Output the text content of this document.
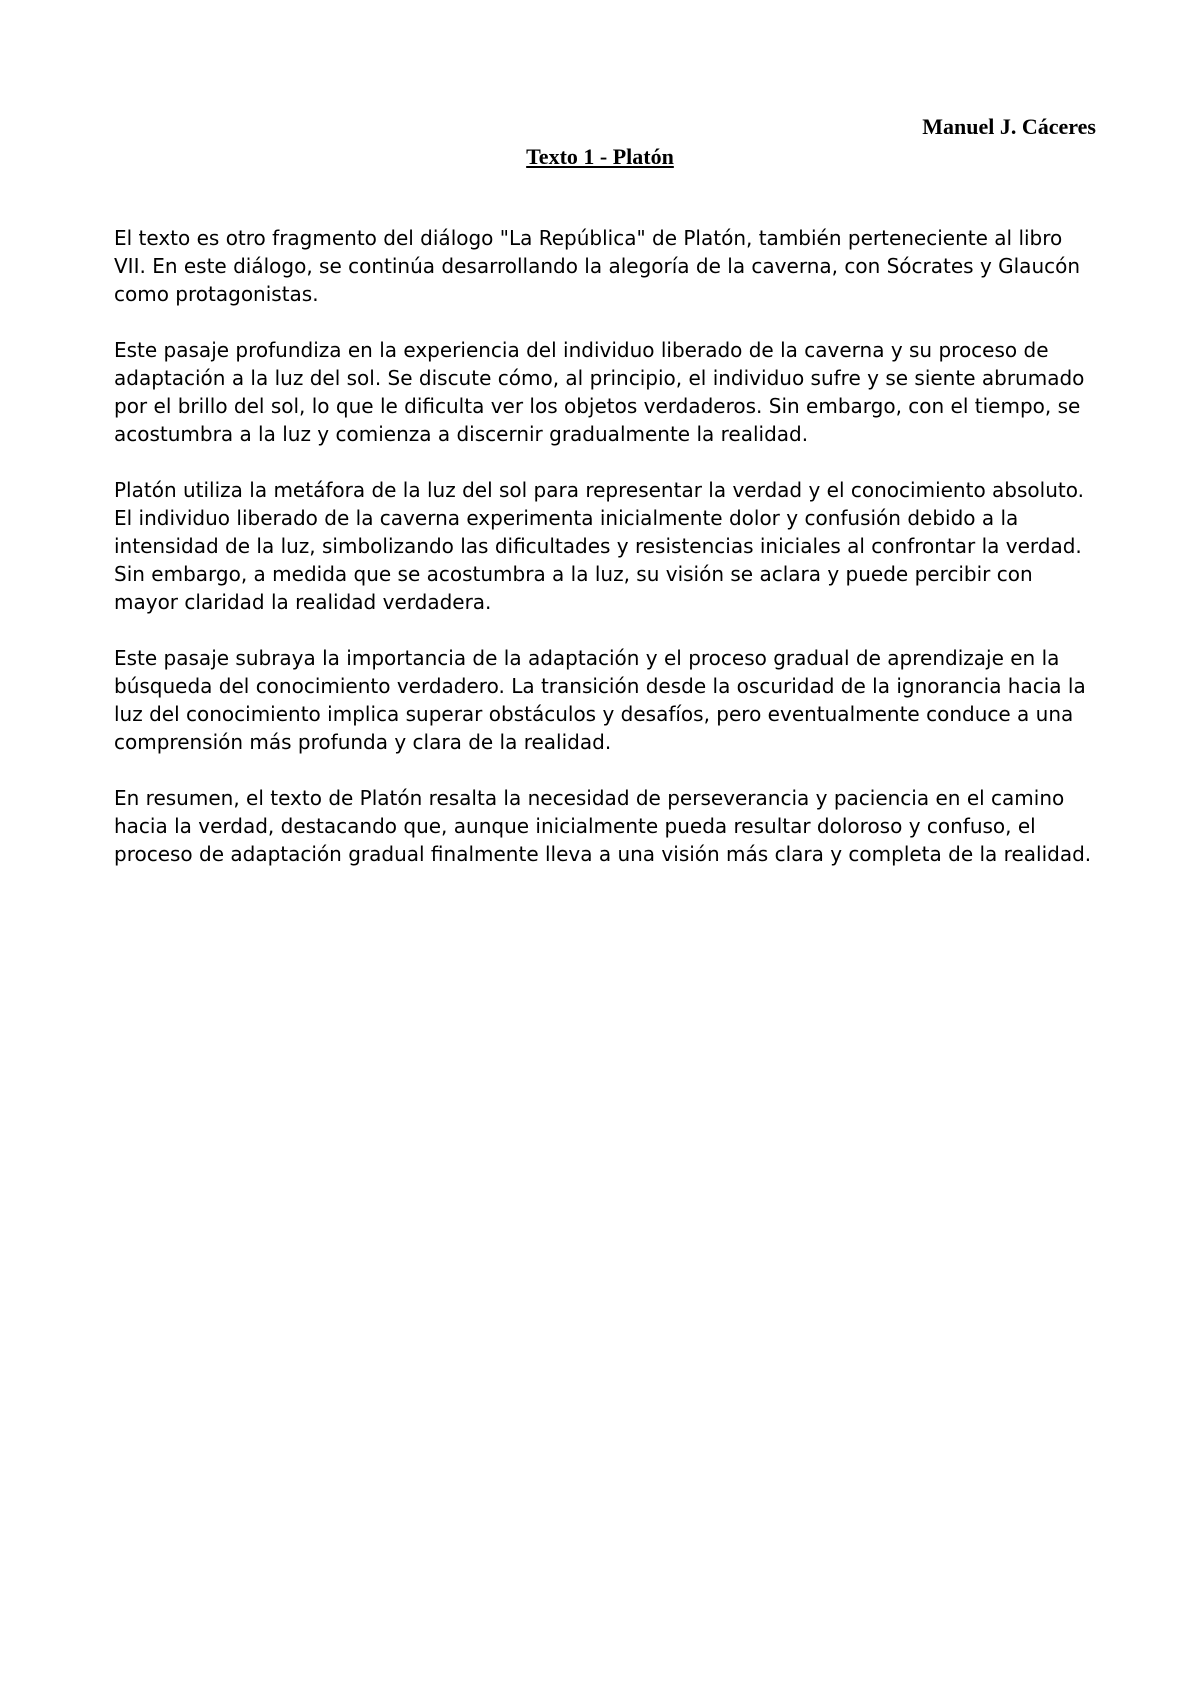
Manuel J. Cáceres

Texto 1 - Platón

El texto es otro fragmento del diálogo "La República" de Platón, también perteneciente al libro VII. En este diálogo, se continúa desarrollando la alegoría de la caverna, con Sócrates y Glaucón como protagonistas.

Este pasaje profundiza en la experiencia del individuo liberado de la caverna y su proceso de adaptación a la luz del sol. Se discute cómo, al principio, el individuo sufre y se siente abrumado por el brillo del sol, lo que le dificulta ver los objetos verdaderos. Sin embargo, con el tiempo, se acostumbra a la luz y comienza a discernir gradualmente la realidad.

Platón utiliza la metáfora de la luz del sol para representar la verdad y el conocimiento absoluto. El individuo liberado de la caverna experimenta inicialmente dolor y confusión debido a la intensidad de la luz, simbolizando las dificultades y resistencias iniciales al confrontar la verdad. Sin embargo, a medida que se acostumbra a la luz, su visión se aclara y puede percibir con mayor claridad la realidad verdadera.

Este pasaje subraya la importancia de la adaptación y el proceso gradual de aprendizaje en la búsqueda del conocimiento verdadero. La transición desde la oscuridad de la ignorancia hacia la luz del conocimiento implica superar obstáculos y desafíos, pero eventualmente conduce a una comprensión más profunda y clara de la realidad.

En resumen, el texto de Platón resalta la necesidad de perseverancia y paciencia en el camino hacia la verdad, destacando que, aunque inicialmente pueda resultar doloroso y confuso, el proceso de adaptación gradual finalmente lleva a una visión más clara y completa de la realidad.
